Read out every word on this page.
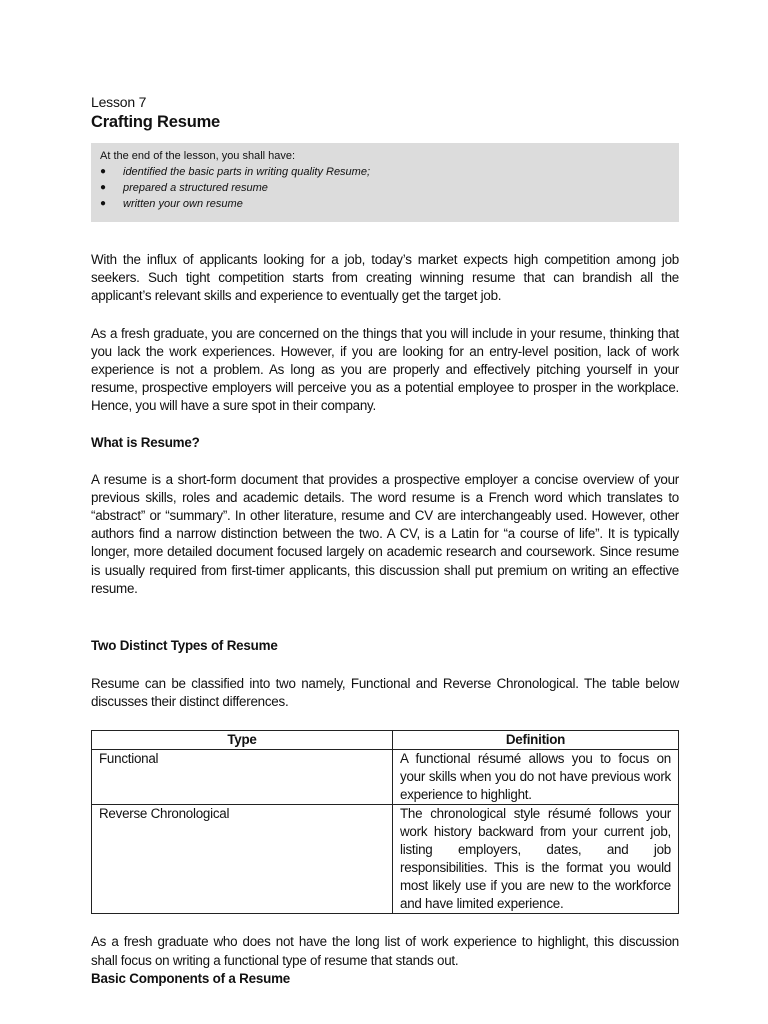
Lesson 7

Crafting Resume

At the end of the lesson, you shall have:

● identified the basic parts in writing quality Resume;
● prepared a structured resume
● written your own resume

With the influx of applicants looking for a job, today’s market expects high competition among job seekers. Such tight competition starts from creating winning resume that can brandish all the applicant’s relevant skills and experience to eventually get the target job.

As a fresh graduate, you are concerned on the things that you will include in your resume, thinking that you lack the work experiences. However, if you are looking for an entry-level position, lack of work experience is not a problem. As long as you are properly and effectively pitching yourself in your resume, prospective employers will perceive you as a potential employee to prosper in the workplace. Hence, you will have a sure spot in their company.

What is Resume?

A resume is a short-form document that provides a prospective employer a concise overview of your previous skills, roles and academic details. The word resume is a French word which translates to “abstract” or “summary”. In other literature, resume and CV are interchangeably used. However, other authors find a narrow distinction between the two. A CV, is a Latin for “a course of life”. It is typically longer, more detailed document focused largely on academic research and coursework. Since resume is usually required from first-timer applicants, this discussion shall put premium on writing an effective resume.

Two Distinct Types of Resume

Resume can be classified into two namely, Functional and Reverse Chronological. The table below discusses their distinct differences.

Type	Definition
Functional	A functional résumé allows you to focus on your skills when you do not have previous work experience to highlight.
Reverse Chronological	The chronological style résumé follows your work history backward from your current job, listing employers, dates, and job responsibilities. This is the format you would most likely use if you are new to the workforce and have limited experience.

As a fresh graduate who does not have the long list of work experience to highlight, this discussion shall focus on writing a functional type of resume that stands out.

Basic Components of a Resume
